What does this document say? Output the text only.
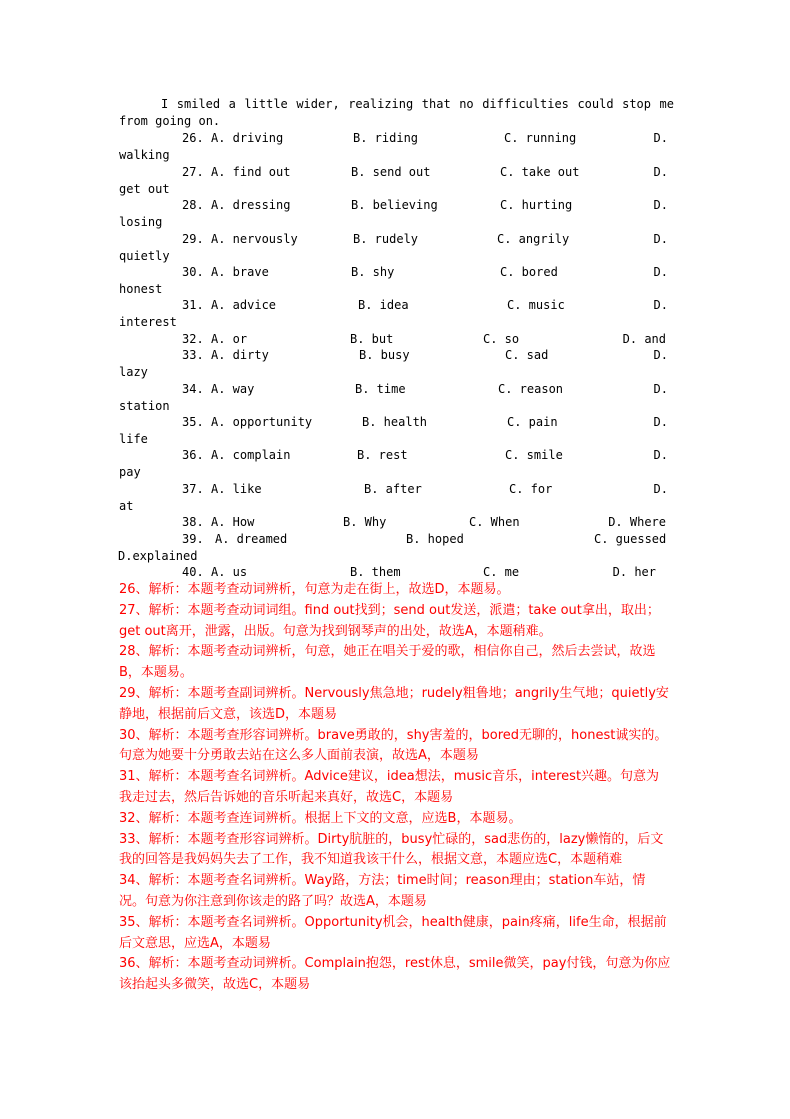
I smiled a little wider, realizing that no difficulties could stop me
from going on.
26. A. driving	B. riding	C. running	D.
walking
27. A. find out	B. send out	C. take out	D.
get out
28. A. dressing	B. believing	C. hurting	D.
losing
29. A. nervously	B. rudely	C. angrily	D.
quietly
30. A. brave	B. shy	C. bored	D.
honest
31. A. advice	B. idea	C. music	D.
interest
32. A. or	B. but	C. so	D. and
33. A. dirty	B. busy	C. sad	D.
lazy
34. A. way	B. time	C. reason	D.
station
35. A. opportunity	B. health	C. pain	D.
life
36. A. complain	B. rest	C. smile	D.
pay
37. A. like	B. after	C. for	D.
at
38. A. How	B. Why	C. When	D. Where
39. A. dreamed	B. hoped	C. guessed
D.explained
40. A. us	B. them	C. me	D. her

26、解析：本题考查动词辨析，句意为走在街上，故选D，本题易。

27、解析：本题考查动词词组。find out找到；send out发送，派遣；take out拿出，取出；get out离开，泄露，出版。句意为找到钢琴声的出处，故选A，本题稍难。

28、解析：本题考查动词辨析，句意，她正在唱关于爱的歌，相信你自己，然后去尝试，故选B，本题易。

29、解析：本题考查副词辨析。Nervously焦急地；rudely粗鲁地；angrily生气地；quietly安静地，根据前后文意，该选D，本题易

30、解析：本题考查形容词辨析。brave勇敢的，shy害羞的，bored无聊的，honest诚实的。句意为她要十分勇敢去站在这么多人面前表演，故选A，本题易

31、解析：本题考查名词辨析。Advice建议，idea想法，music音乐，interest兴趣。句意为我走过去，然后告诉她的音乐听起来真好，故选C，本题易

32、解析：本题考查连词辨析。根据上下文的文意，应选B，本题易。

33、解析：本题考查形容词辨析。Dirty肮脏的，busy忙碌的，sad悲伤的，lazy懒惰的，后文我的回答是我妈妈失去了工作，我不知道我该干什么，根据文意，本题应选C，本题稍难

34、解析：本题考查名词辨析。Way路，方法；time时间；reason理由；station车站，情况。句意为你注意到你该走的路了吗？故选A，本题易

35、解析：本题考查名词辨析。Opportunity机会，health健康，pain疼痛，life生命，根据前后文意思，应选A，本题易

36、解析：本题考查动词辨析。Complain抱怨，rest休息，smile微笑，pay付钱，句意为你应该抬起头多微笑，故选C，本题易
